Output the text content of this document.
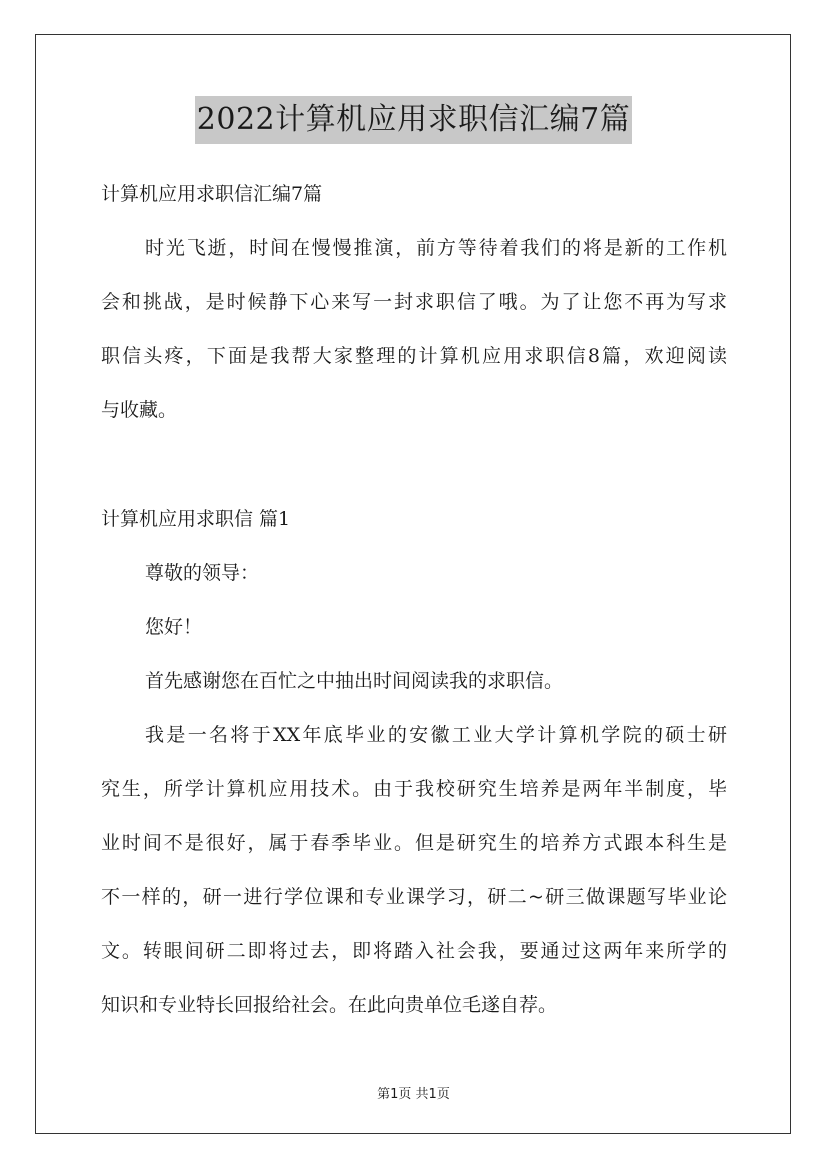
2022计算机应用求职信汇编7篇
计算机应用求职信汇编7篇
时光飞逝，时间在慢慢推演，前方等待着我们的将是新的工作机
会和挑战，是时候静下心来写一封求职信了哦。为了让您不再为写求
职信头疼，下面是我帮大家整理的计算机应用求职信8篇，欢迎阅读
与收藏。
计算机应用求职信 篇1
尊敬的领导：
您好！
首先感谢您在百忙之中抽出时间阅读我的求职信。
我是一名将于XX年底毕业的安徽工业大学计算机学院的硕士研
究生，所学计算机应用技术。由于我校研究生培养是两年半制度，毕
业时间不是很好，属于春季毕业。但是研究生的培养方式跟本科生是
不一样的，研一进行学位课和专业课学习，研二~研三做课题写毕业论
文。转眼间研二即将过去，即将踏入社会我，要通过这两年来所学的
知识和专业特长回报给社会。在此向贵单位毛遂自荐。
第1页 共1页
